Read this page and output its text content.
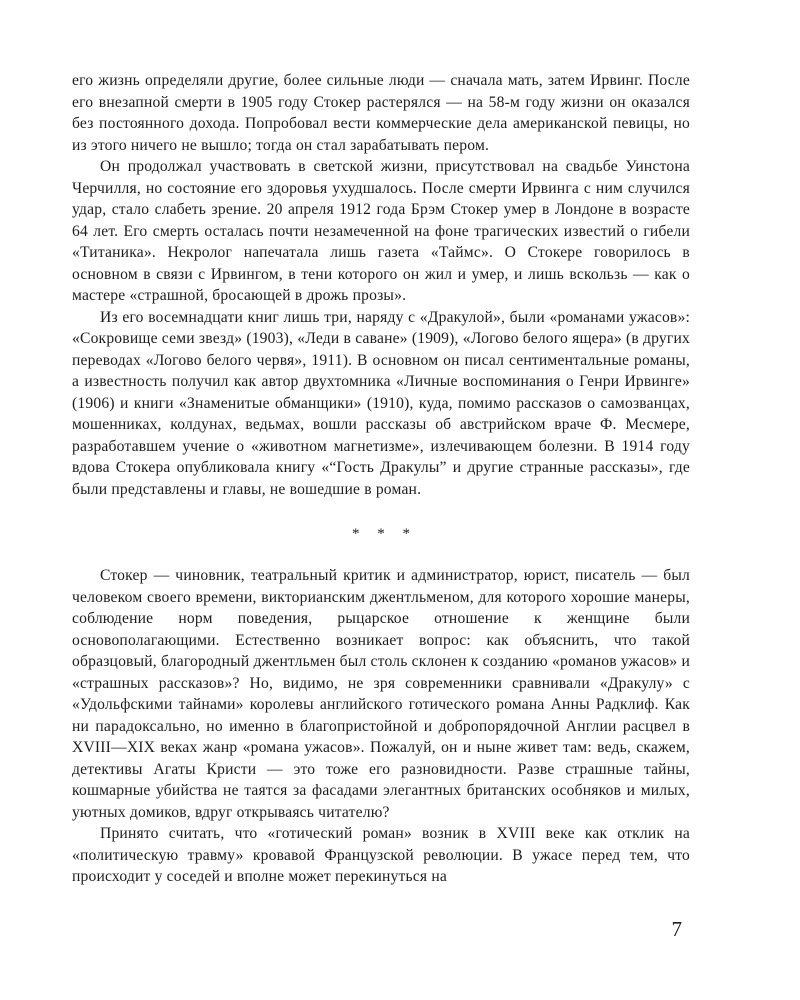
его жизнь определяли другие, более сильные люди — сначала мать, затем Ирвинг. После его внезапной смерти в 1905 году Стокер растерялся — на 58-м году жизни он оказался без постоянного дохода. Попробовал вести коммерческие дела американской певицы, но из этого ничего не вышло; тогда он стал зарабатывать пером.

Он продолжал участвовать в светской жизни, присутствовал на свадьбе Уинстона Черчилля, но состояние его здоровья ухудшалось. После смерти Ирвинга с ним случился удар, стало слабеть зрение. 20 апреля 1912 года Брэм Стокер умер в Лондоне в возрасте 64 лет. Его смерть осталась почти незамеченной на фоне трагических известий о гибели «Титаника». Некролог напечатала лишь газета «Таймс». О Стокере говорилось в основном в связи с Ирвингом, в тени которого он жил и умер, и лишь вскользь — как о мастере «страшной, бросающей в дрожь прозы».

Из его восемнадцати книг лишь три, наряду с «Дракулой», были «романами ужасов»: «Сокровище семи звезд» (1903), «Леди в саване» (1909), «Логово белого ящера» (в других переводах «Логово белого червя», 1911). В основном он писал сентиментальные романы, а известность получил как автор двухтомника «Личные воспоминания о Генри Ирвинге» (1906) и книги «Знаменитые обманщики» (1910), куда, помимо рассказов о самозванцах, мошенниках, колдунах, ведьмах, вошли рассказы об австрийском враче Ф. Месмере, разработавшем учение о «животном магнетизме», излечивающем болезни. В 1914 году вдова Стокера опубликовала книгу «“Гость Дракулы” и другие странные рассказы», где были представлены и главы, не вошедшие в роман.

* * *

Стокер — чиновник, театральный критик и администратор, юрист, писатель — был человеком своего времени, викторианским джентльменом, для которого хорошие манеры, соблюдение норм поведения, рыцарское отношение к женщине были основополагающими. Естественно возникает вопрос: как объяснить, что такой образцовый, благородный джентльмен был столь склонен к созданию «романов ужасов» и «страшных рассказов»? Но, видимо, не зря современники сравнивали «Дракулу» с «Удольфскими тайнами» королевы английского готического романа Анны Радклиф. Как ни парадоксально, но именно в благопристойной и добропорядочной Англии расцвел в XVIII—XIX веках жанр «романа ужасов». Пожалуй, он и ныне живет там: ведь, скажем, детективы Агаты Кристи — это тоже его разновидности. Разве страшные тайны, кошмарные убийства не таятся за фасадами элегантных британских особняков и милых, уютных домиков, вдруг открываясь читателю?

Принято считать, что «готический роман» возник в XVIII веке как отклик на «политическую травму» кровавой Французской революции. В ужасе перед тем, что происходит у соседей и вполне может перекинуться на

7
